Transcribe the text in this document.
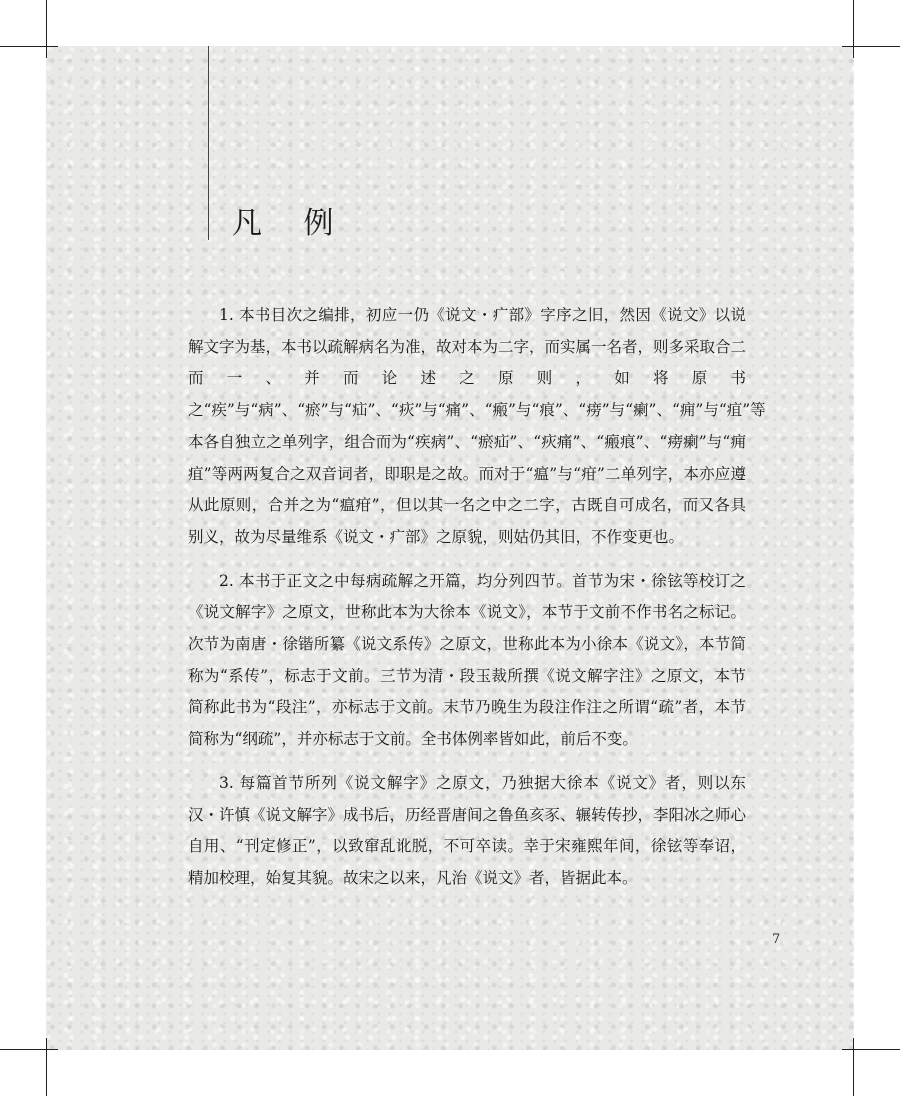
凡 例

1. 本书目次之编排，初应一仍《说文・疒部》字序之旧，然因《说文》以说解文字为基，本书以疏解病名为准，故对本为二字，而实属一名者，则多采取合二而一、并而论述之原则，如将原书之“疾”与“病”、“瘀”与“疝”、“疢”与“痛”、“瘢”与“痕”、“痨”与“瘌”、“痈”与“疽”等本各自独立之单列字，组合而为“疾病”、“瘀疝”、“疢痛”、“瘢痕”、“痨瘌”与“痈疽”等两两复合之双音词者，即职是之故。而对于“瘟”与“疳”二单列字，本亦应遵从此原则，合并之为“瘟疳”，但以其一名之中之二字，古既自可成名，而又各具别义，故为尽量维系《说文・疒部》之原貌，则姑仍其旧，不作变更也。

2. 本书于正文之中每病疏解之开篇，均分列四节。首节为宋・徐铉等校订之《说文解字》之原文，世称此本为大徐本《说文》，本节于文前不作书名之标记。次节为南唐・徐锴所纂《说文系传》之原文，世称此本为小徐本《说文》，本节简称为“系传”，标志于文前。三节为清・段玉裁所撰《说文解字注》之原文，本节简称此书为“段注”，亦标志于文前。末节乃晚生为段注作注之所谓“疏”者，本节简称为“纲疏”，并亦标志于文前。全书体例率皆如此，前后不变。

3. 每篇首节所列《说文解字》之原文，乃独据大徐本《说文》者，则以东汉・许慎《说文解字》成书后，历经晋唐间之鲁鱼亥豕、辗转传抄，李阳冰之师心自用、“刊定修正”，以致窜乱讹脱，不可卒读。幸于宋雍熙年间，徐铉等奉诏，精加校理，始复其貌。故宋之以来，凡治《说文》者，皆据此本。

7
